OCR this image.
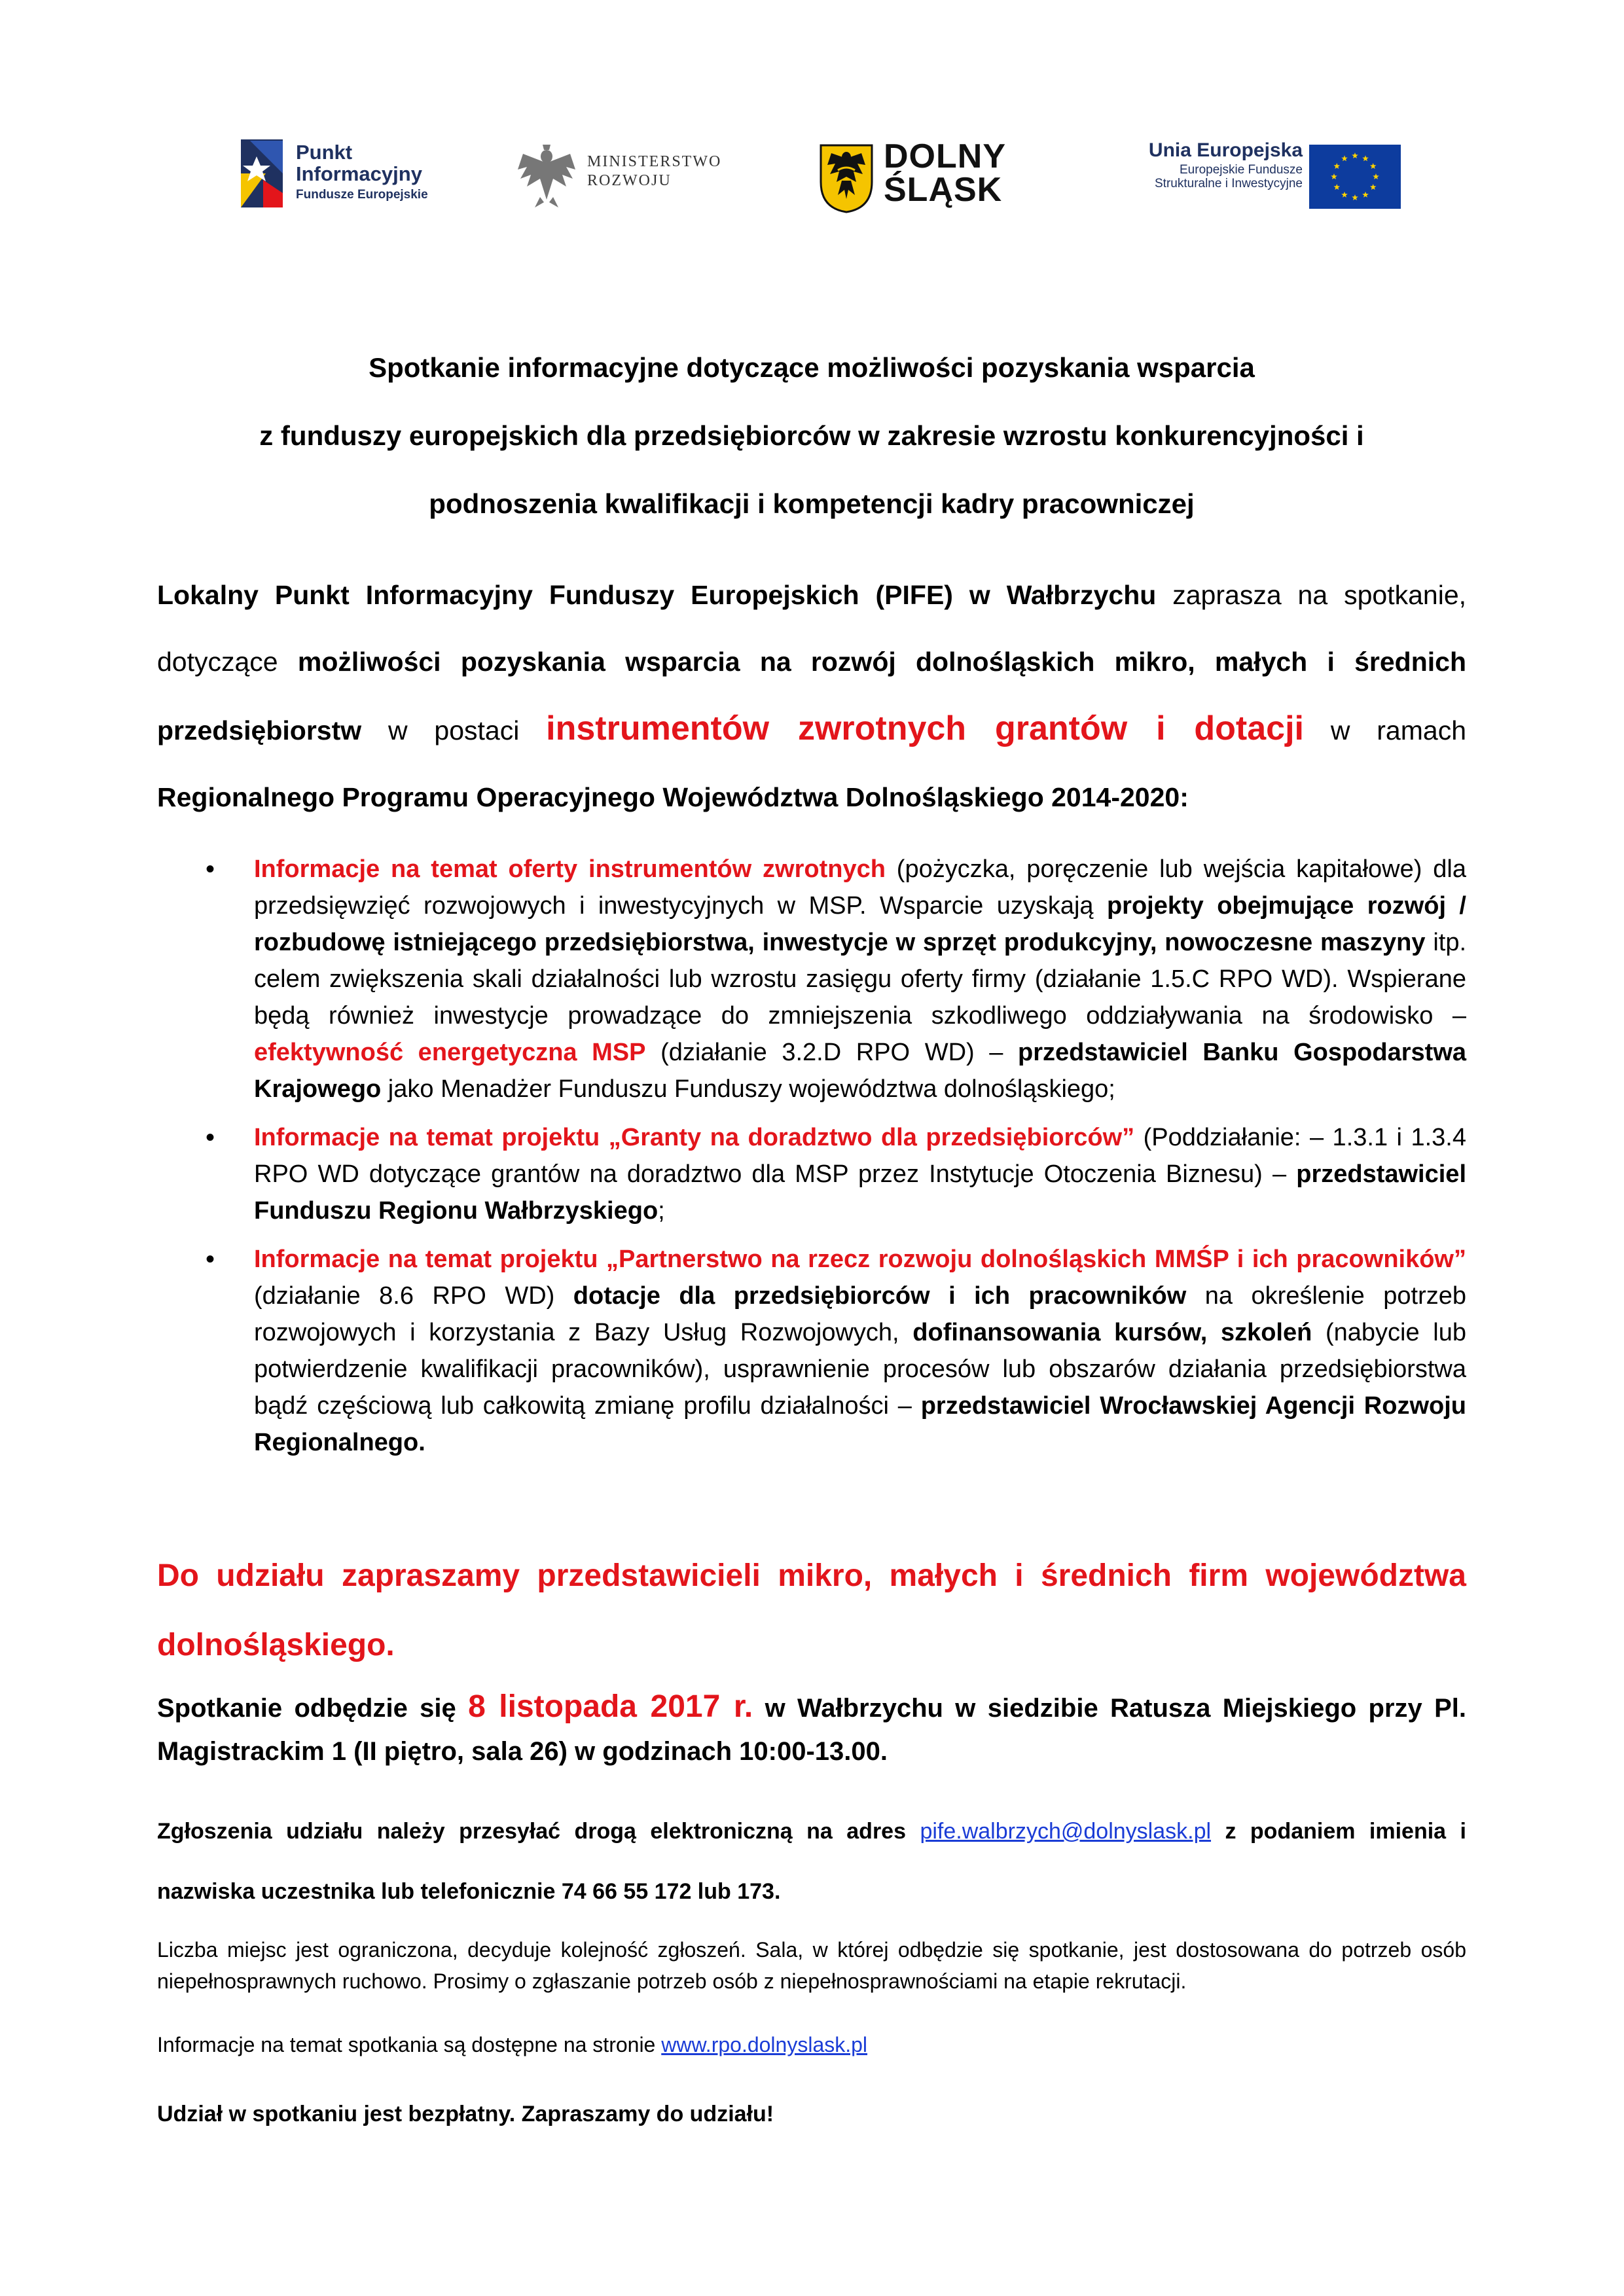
Punkt
Informacyjny
Fundusze Europejskie
MINISTERSTWO
ROZWOJU
DOLNY
ŚLĄSK
Unia Europejska
Europejskie Fundusze
Strukturalne i Inwestycyjne
Spotkanie informacyjne dotyczące możliwości pozyskania wsparcia
z funduszy europejskich dla przedsiębiorców w zakresie wzrostu konkurencyjności i
podnoszenia kwalifikacji i kompetencji kadry pracowniczej
Lokalny Punkt Informacyjny Funduszy Europejskich (PIFE) w Wałbrzychu zaprasza na spotkanie, dotyczące możliwości pozyskania wsparcia na rozwój dolnośląskich mikro, małych i średnich przedsiębiorstw w postaci instrumentów zwrotnych grantów i dotacji w ramach
Regionalnego Programu Operacyjnego Województwa Dolnośląskiego 2014-2020:
• Informacje na temat oferty instrumentów zwrotnych (pożyczka, poręczenie lub wejścia kapitałowe) dla przedsięwzięć rozwojowych i inwestycyjnych w MSP. Wsparcie uzyskają projekty obejmujące rozwój / rozbudowę istniejącego przedsiębiorstwa, inwestycje w sprzęt produkcyjny, nowoczesne maszyny itp. celem zwiększenia skali działalności lub wzrostu zasięgu oferty firmy (działanie 1.5.C RPO WD). Wspierane będą również inwestycje prowadzące do zmniejszenia szkodliwego oddziaływania na środowisko – efektywność energetyczna MSP (działanie 3.2.D RPO WD) – przedstawiciel Banku Gospodarstwa Krajowego jako Menadżer Funduszu Funduszy województwa dolnośląskiego;
• Informacje na temat projektu „Granty na doradztwo dla przedsiębiorców” (Poddziałanie: – 1.3.1 i 1.3.4 RPO WD dotyczące grantów na doradztwo dla MSP przez Instytucje Otoczenia Biznesu) – przedstawiciel Funduszu Regionu Wałbrzyskiego;
• Informacje na temat projektu „Partnerstwo na rzecz rozwoju dolnośląskich MMŚP i ich pracowników” (działanie 8.6 RPO WD) dotacje dla przedsiębiorców i ich pracowników na określenie potrzeb rozwojowych i korzystania z Bazy Usług Rozwojowych, dofinansowania kursów, szkoleń (nabycie lub potwierdzenie kwalifikacji pracowników), usprawnienie procesów lub obszarów działania przedsiębiorstwa bądź częściową lub całkowitą zmianę profilu działalności – przedstawiciel Wrocławskiej Agencji Rozwoju Regionalnego.
Do udziału zapraszamy przedstawicieli mikro, małych i średnich firm województwa dolnośląskiego.
Spotkanie odbędzie się 8 listopada 2017 r. w Wałbrzychu w siedzibie Ratusza Miejskiego przy Pl. Magistrackim 1 (II piętro, sala 26) w godzinach 10:00-13.00.
Zgłoszenia udziału należy przesyłać drogą elektroniczną na adres pife.walbrzych@dolnyslask.pl z podaniem imienia i nazwiska uczestnika lub telefonicznie 74 66 55 172 lub 173.
Liczba miejsc jest ograniczona, decyduje kolejność zgłoszeń. Sala, w której odbędzie się spotkanie, jest dostosowana do potrzeb osób niepełnosprawnych ruchowo. Prosimy o zgłaszanie potrzeb osób z niepełnosprawnościami na etapie rekrutacji.
Informacje na temat spotkania są dostępne na stronie www.rpo.dolnyslask.pl
Udział w spotkaniu jest bezpłatny. Zapraszamy do udziału!
